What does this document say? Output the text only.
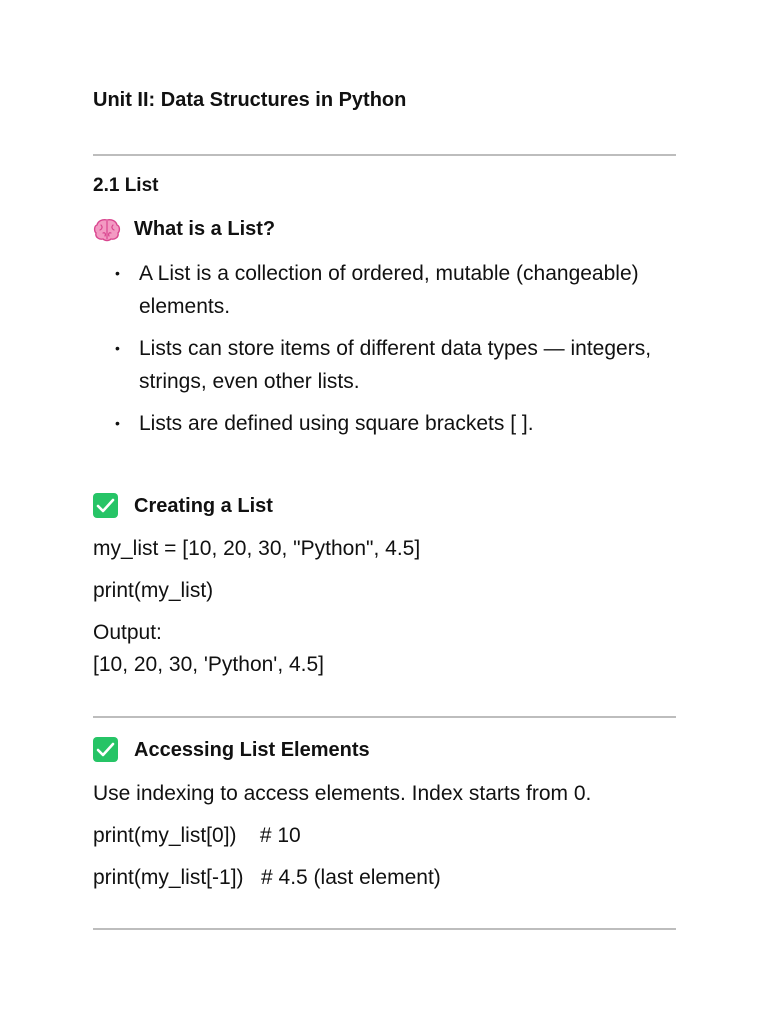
Unit II: Data Structures in Python
2.1 List
What is a List?
• A List is a collection of ordered, mutable (changeable) elements.
• Lists can store items of different data types — integers, strings, even other lists.
• Lists are defined using square brackets [ ].
Creating a List
my_list = [10, 20, 30, "Python", 4.5]
print(my_list)
Output:
[10, 20, 30, 'Python', 4.5]
Accessing List Elements
Use indexing to access elements. Index starts from 0.
print(my_list[0])    # 10
print(my_list[-1])   # 4.5 (last element)
